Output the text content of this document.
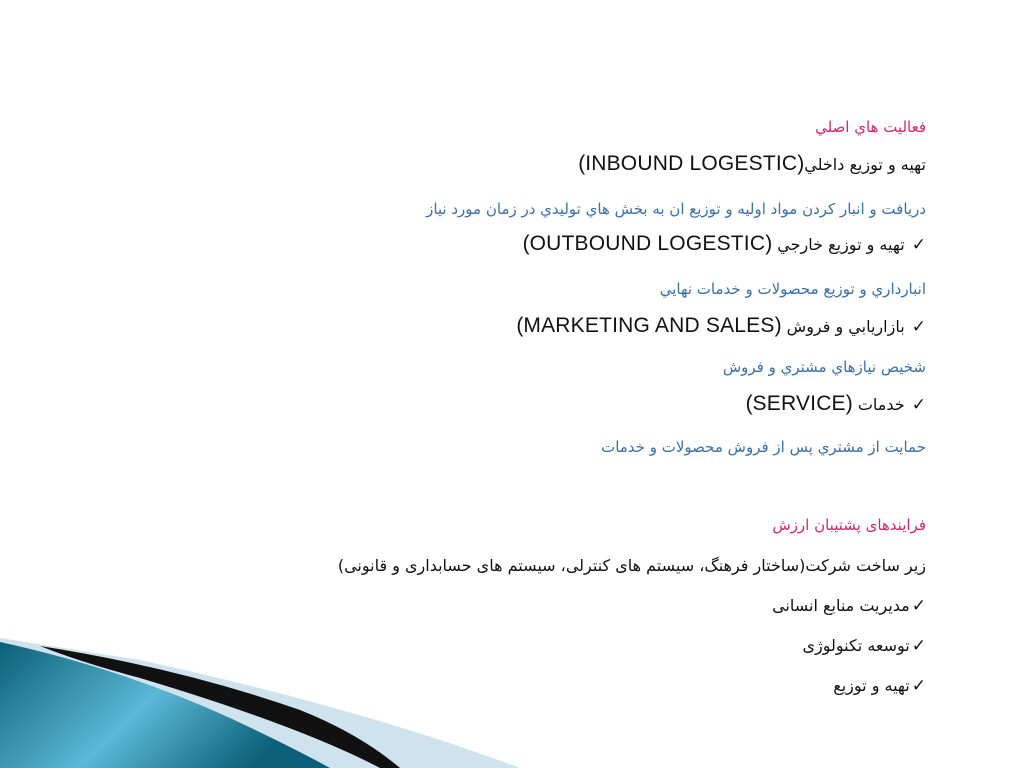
فعاليت هاي اصلي
تهيه و توزيع داخلي(INBOUND LOGESTIC)
دريافت و انبار كردن مواد اوليه و توزيع ان به بخش هاي توليدي در زمان مورد نياز
✓ تهيه و توزيع خارجي (OUTBOUND LOGESTIC)
انبارداري و توزيع محصولات و خدمات نهايي
✓ بازاريابي و فروش (MARKETING AND SALES)
شخيص نيازهاي مشتري و فروش
✓ خدمات (SERVICE)
حمايت از مشتري پس از فروش محصولات و خدمات
فرایندهای پشتیبان ارزش
زیر ساخت شرکت(ساختار فرهنگ، سیستم های کنترلی، سیستم های حسابداری و قانونی)
✓مدیریت منابع انسانی
✓توسعه تکنولوژی
✓تهیه و توزیع
